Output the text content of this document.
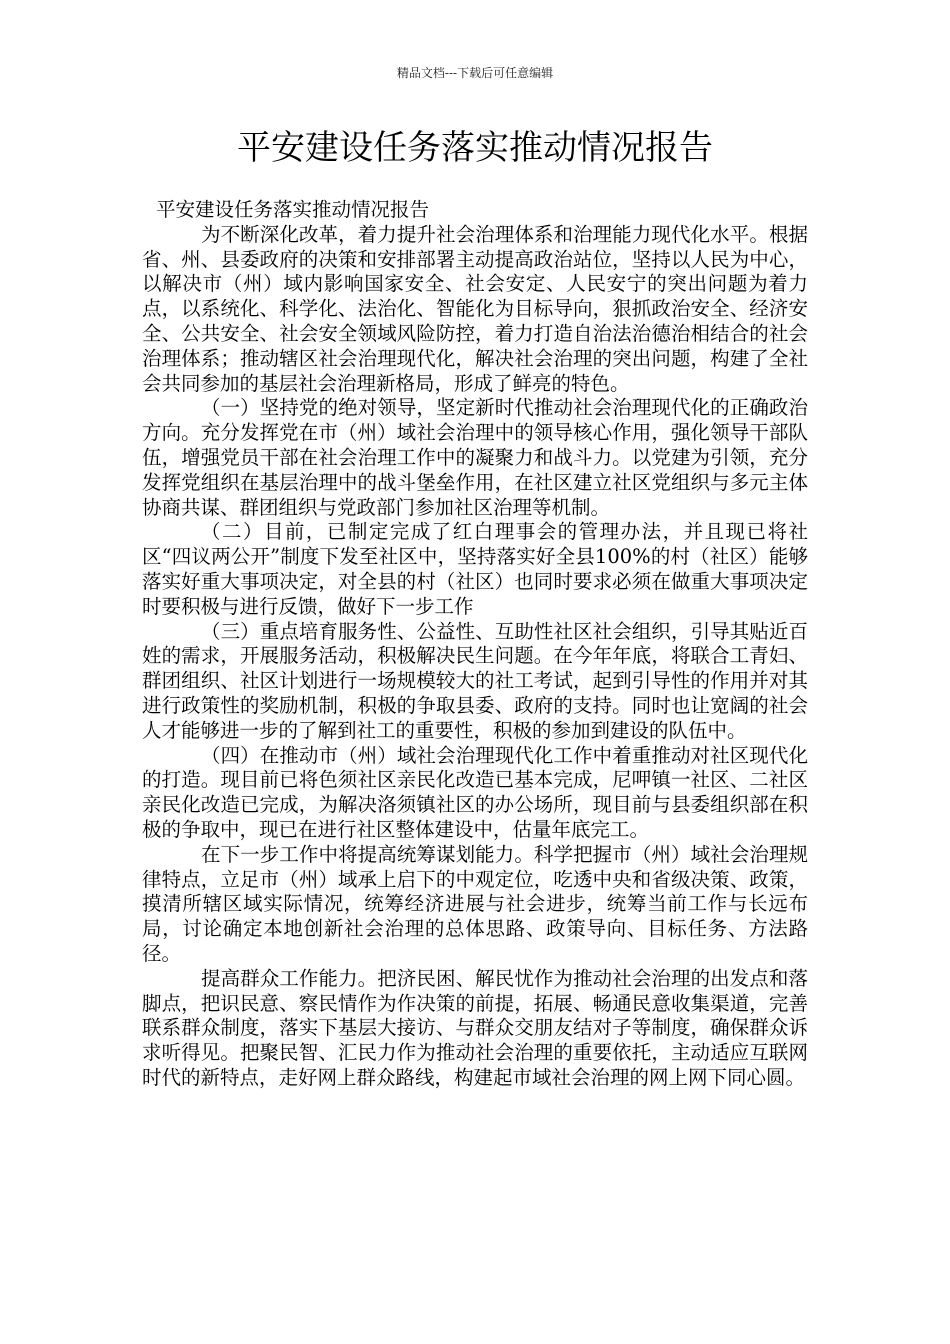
精品文档---下载后可任意编辑
平安建设任务落实推动情况报告

平安建设任务落实推动情况报告

为不断深化改革，着力提升社会治理体系和治理能力现代化水平。根据省、州、县委政府的决策和安排部署主动提高政治站位，坚持以人民为中心，以解决市（州）域内影响国家安全、社会安定、人民安宁的突出问题为着力点，以系统化、科学化、法治化、智能化为目标导向，狠抓政治安全、经济安全、公共安全、社会安全领域风险防控，着力打造自治法治德治相结合的社会治理体系；推动辖区社会治理现代化，解决社会治理的突出问题，构建了全社会共同参加的基层社会治理新格局，形成了鲜亮的特色。

（一）坚持党的绝对领导，坚定新时代推动社会治理现代化的正确政治方向。充分发挥党在市（州）域社会治理中的领导核心作用，强化领导干部队伍，增强党员干部在社会治理工作中的凝聚力和战斗力。以党建为引领，充分发挥党组织在基层治理中的战斗堡垒作用，在社区建立社区党组织与多元主体协商共谋、群团组织与党政部门参加社区治理等机制。

（二）目前，已制定完成了红白理事会的管理办法，并且现已将社区“四议两公开”制度下发至社区中，坚持落实好全县100%的村（社区）能够落实好重大事项决定，对全县的村（社区）也同时要求必须在做重大事项决定时要积极与进行反馈，做好下一步工作

（三）重点培育服务性、公益性、互助性社区社会组织，引导其贴近百姓的需求，开展服务活动，积极解决民生问题。在今年年底，将联合工青妇、群团组织、社区计划进行一场规模较大的社工考试，起到引导性的作用并对其进行政策性的奖励机制，积极的争取县委、政府的支持。同时也让宽阔的社会人才能够进一步的了解到社工的重要性，积极的参加到建设的队伍中。

（四）在推动市（州）域社会治理现代化工作中着重推动对社区现代化的打造。现目前已将色须社区亲民化改造已基本完成，尼呷镇一社区、二社区亲民化改造已完成，为解决洛须镇社区的办公场所，现目前与县委组织部在积极的争取中，现已在进行社区整体建设中，估量年底完工。

在下一步工作中将提高统筹谋划能力。科学把握市（州）域社会治理规律特点，立足市（州）域承上启下的中观定位，吃透中央和省级决策、政策，摸清所辖区域实际情况，统筹经济进展与社会进步，统筹当前工作与长远布局，讨论确定本地创新社会治理的总体思路、政策导向、目标任务、方法路径。

提高群众工作能力。把济民困、解民忧作为推动社会治理的出发点和落脚点，把识民意、察民情作为作决策的前提，拓展、畅通民意收集渠道，完善联系群众制度，落实下基层大接访、与群众交朋友结对子等制度，确保群众诉求听得见。把聚民智、汇民力作为推动社会治理的重要依托，主动适应互联网时代的新特点，走好网上群众路线，构建起市域社会治理的网上网下同心圆。
